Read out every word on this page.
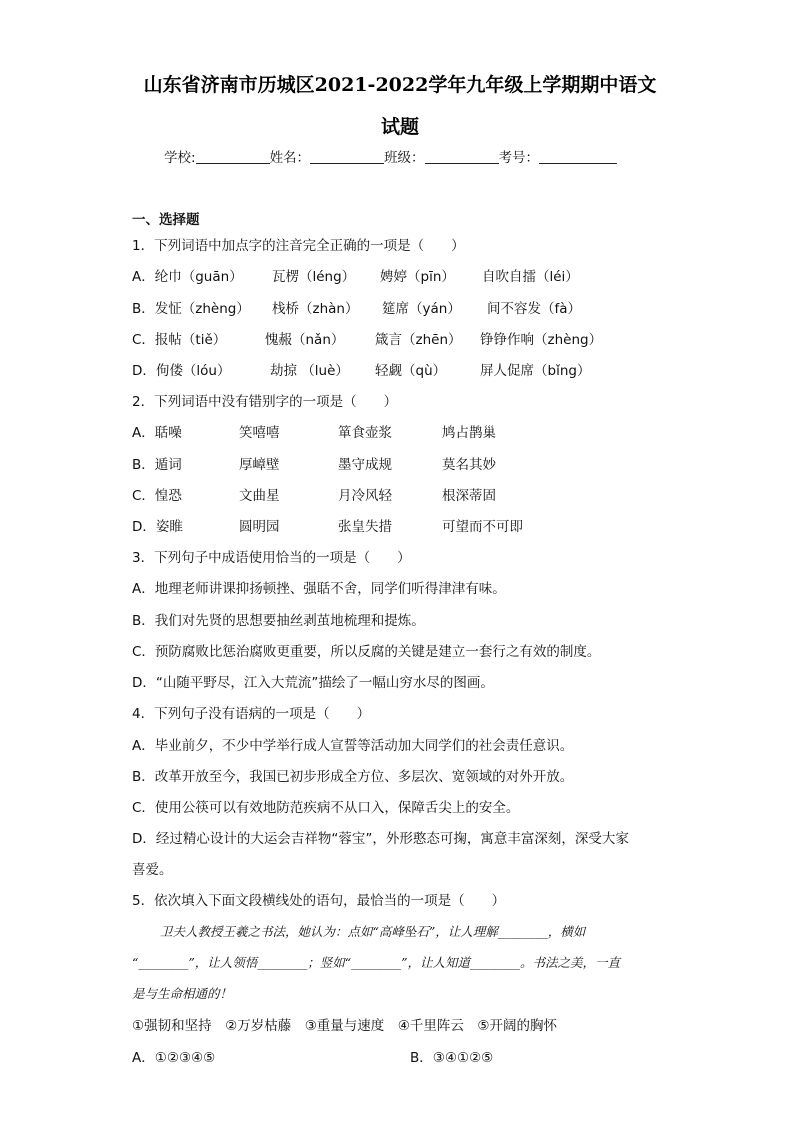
山东省济南市历城区2021-2022学年九年级上学期期中语文
试题
学校:	姓名：	班级：	考号：
一、选择题
1．下列词语中加点字的注音完全正确的一项是（　　）
A．纶巾（guān） 瓦楞（léng） 娉婷（pīn） 自吹自擂（léi）
B．发怔（zhèng） 栈桥（zhàn） 筵席（yán） 间不容发（fà）
C．报帖（tiě）	愧赧（nǎn） 箴言（zhēn） 铮铮作响（zhèng）
D．佝偻（lóu）	劫掠 （luè） 轻觑（qù）	屏人促席（bǐng）
2．下列词语中没有错别字的一项是（　　）
A．聒噪	笑嘻嘻	箪食壶浆	鸠占鹊巢
B．遁词	厚嶂壁	墨守成规	莫名其妙
C．惶恐	文曲星	月冷风轻	根深蒂固
D．姿睢	圆明园	张皇失措	可望而不可即
3．下列句子中成语使用恰当的一项是（　　）
A．地理老师讲课抑扬顿挫、强聒不舍，同学们听得津津有味。
B．我们对先贤的思想要抽丝剥茧地梳理和提炼。
C．预防腐败比惩治腐败更重要，所以反腐的关键是建立一套行之有效的制度。
D．“山随平野尽，江入大荒流”描绘了一幅山穷水尽的图画。
4．下列句子没有语病的一项是（　　）
A．毕业前夕，不少中学举行成人宣誓等活动加大同学们的社会责任意识。
B．改革开放至今，我国已初步形成全方位、多层次、宽领域的对外开放。
C．使用公筷可以有效地防范疾病不从口入，保障舌尖上的安全。
D．经过精心设计的大运会吉祥物“蓉宝”，外形憨态可掬，寓意丰富深刻，深受大家
喜爱。
5．依次填入下面文段横线处的语句，最恰当的一项是（　　）
卫夫人教授王羲之书法，她认为：点如“高峰坠石”，让人理解________，横如
“________”，让人领悟________；竖如“________”，让人知道________。书法之美，一直
是与生命相通的！
①强韧和坚持　②万岁枯藤　③重量与速度　④千里阵云　⑤开阔的胸怀
A．①②③④⑤	B．③④①②⑤
